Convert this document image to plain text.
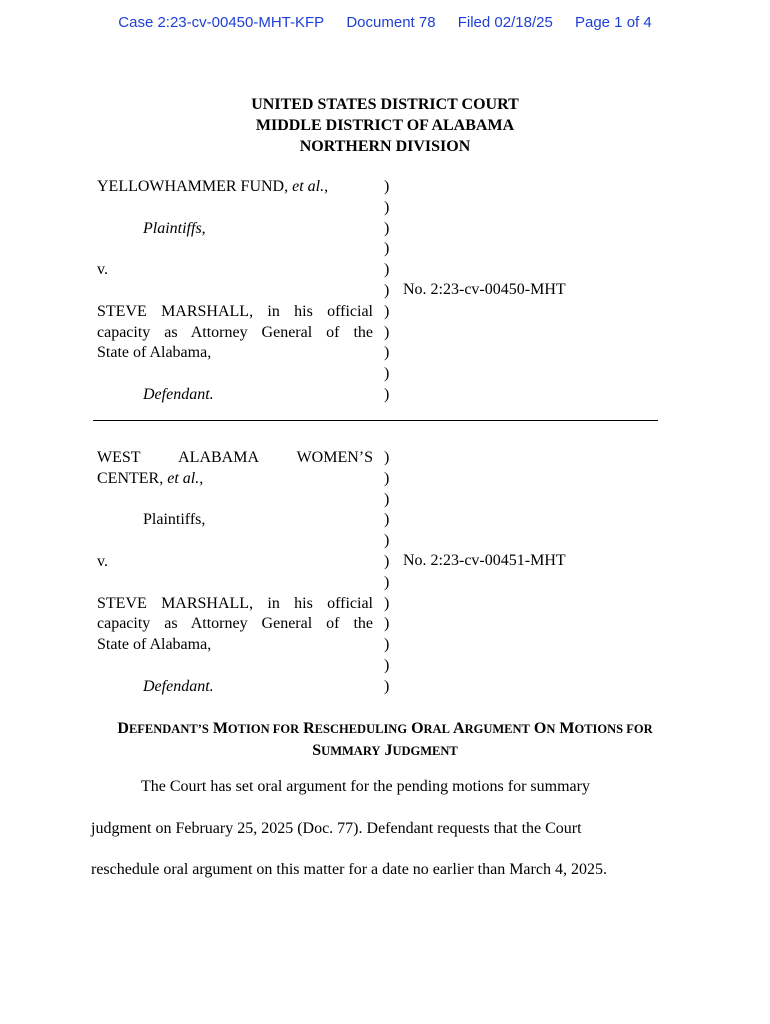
Case 2:23-cv-00450-MHT-KFP Document 78 Filed 02/18/25 Page 1 of 4
UNITED STATES DISTRICT COURT
MIDDLE DISTRICT OF ALABAMA
NORTHERN DIVISION
YELLOWHAMMER FUND, et al.,
Plaintiffs,
v.
STEVE MARSHALL, in his official
capacity as Attorney General of the
State of Alabama,
Defendant.
)
)
)
)
)
)
)
)
)
)
)
No. 2:23-cv-00450-MHT
WEST ALABAMA WOMEN’S
CENTER, et al.,
Plaintiffs,
v.
STEVE MARSHALL, in his official
capacity as Attorney General of the
State of Alabama,
Defendant.
)
)
)
)
)
)
)
)
)
)
)
)
No. 2:23-cv-00451-MHT
DEFENDANT’S MOTION FOR RESCHEDULING ORAL ARGUMENT ON MOTIONS FOR
SUMMARY JUDGMENT
The Court has set oral argument for the pending motions for summary
judgment on February 25, 2025 (Doc. 77). Defendant requests that the Court
reschedule oral argument on this matter for a date no earlier than March 4, 2025.
